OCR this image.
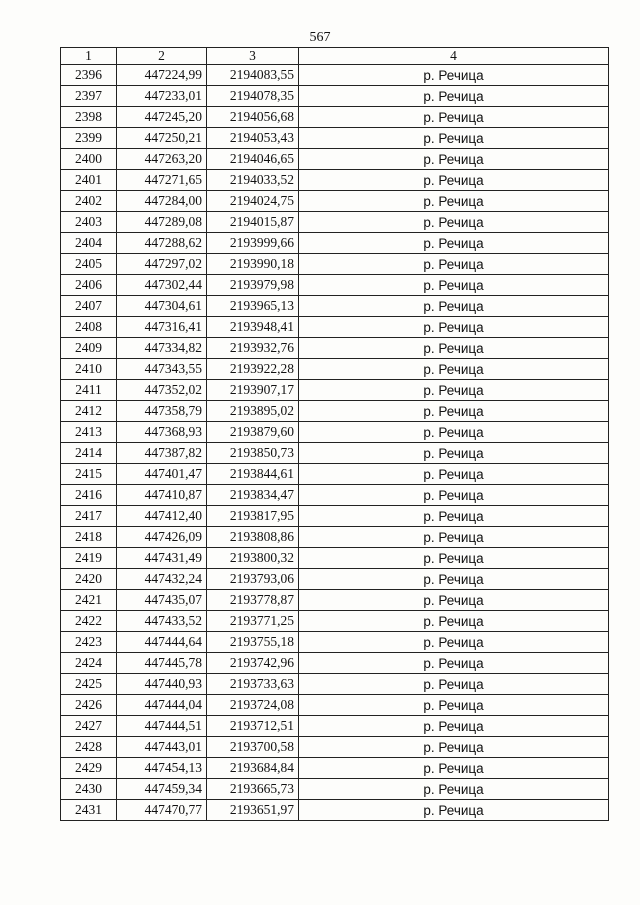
567
1	2	3	4
2396	447224,99	2194083,55	р. Речица
2397	447233,01	2194078,35	р. Речица
2398	447245,20	2194056,68	р. Речица
2399	447250,21	2194053,43	р. Речица
2400	447263,20	2194046,65	р. Речица
2401	447271,65	2194033,52	р. Речица
2402	447284,00	2194024,75	р. Речица
2403	447289,08	2194015,87	р. Речица
2404	447288,62	2193999,66	р. Речица
2405	447297,02	2193990,18	р. Речица
2406	447302,44	2193979,98	р. Речица
2407	447304,61	2193965,13	р. Речица
2408	447316,41	2193948,41	р. Речица
2409	447334,82	2193932,76	р. Речица
2410	447343,55	2193922,28	р. Речица
2411	447352,02	2193907,17	р. Речица
2412	447358,79	2193895,02	р. Речица
2413	447368,93	2193879,60	р. Речица
2414	447387,82	2193850,73	р. Речица
2415	447401,47	2193844,61	р. Речица
2416	447410,87	2193834,47	р. Речица
2417	447412,40	2193817,95	р. Речица
2418	447426,09	2193808,86	р. Речица
2419	447431,49	2193800,32	р. Речица
2420	447432,24	2193793,06	р. Речица
2421	447435,07	2193778,87	р. Речица
2422	447433,52	2193771,25	р. Речица
2423	447444,64	2193755,18	р. Речица
2424	447445,78	2193742,96	р. Речица
2425	447440,93	2193733,63	р. Речица
2426	447444,04	2193724,08	р. Речица
2427	447444,51	2193712,51	р. Речица
2428	447443,01	2193700,58	р. Речица
2429	447454,13	2193684,84	р. Речица
2430	447459,34	2193665,73	р. Речица
2431	447470,77	2193651,97	р. Речица
